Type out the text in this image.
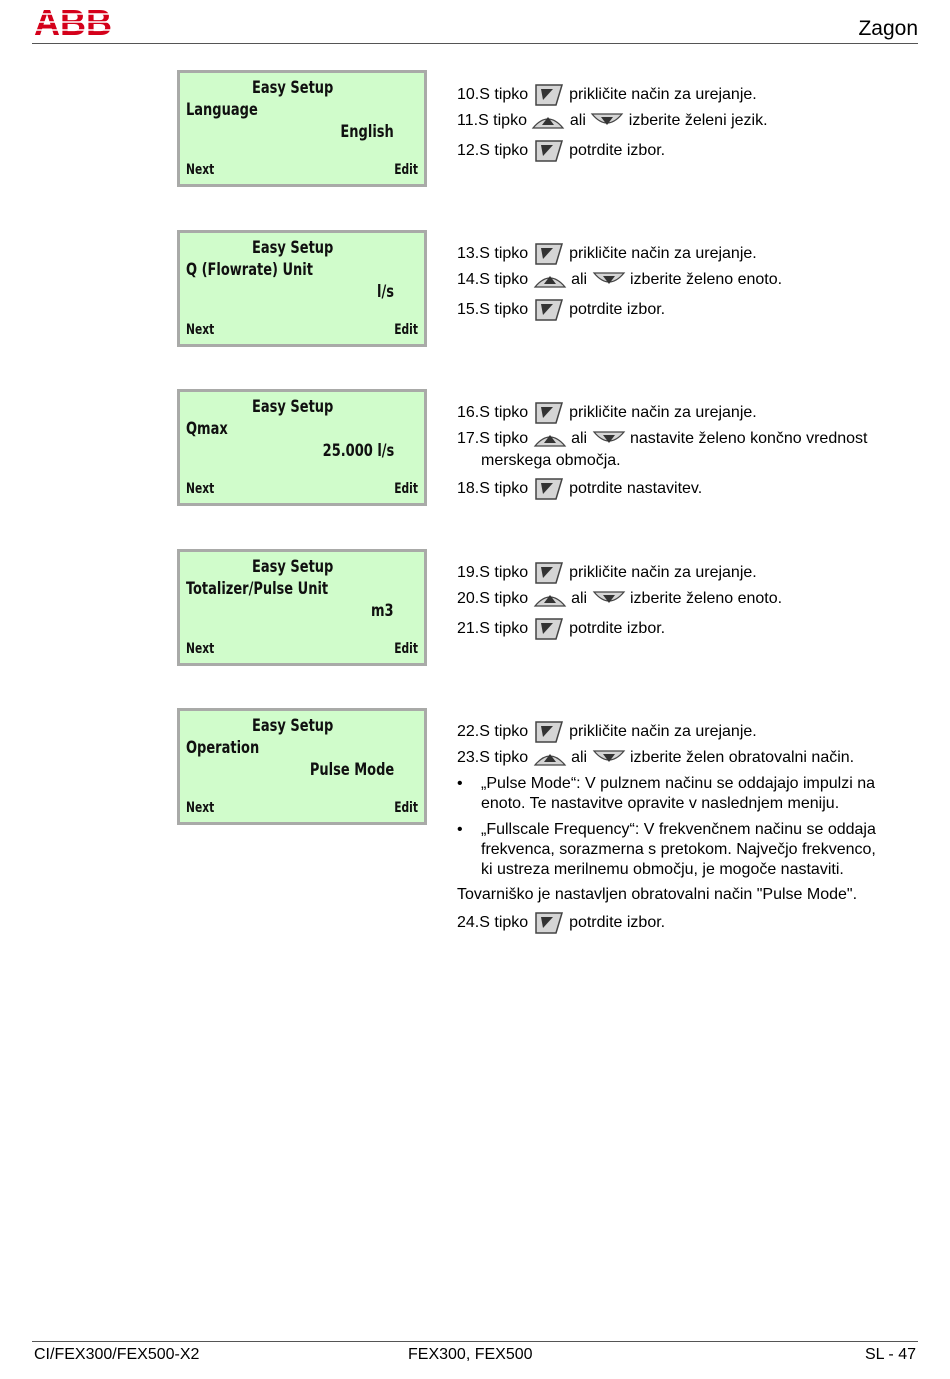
ABB	Zagon
Easy Setup
Language
English
Next	Edit
Easy Setup
Q (Flowrate) Unit
l/s
Next	Edit
Easy Setup
Qmax
25.000 l/s
Next	Edit
Easy Setup
Totalizer/Pulse Unit
m3
Next	Edit
Easy Setup
Operation
Pulse Mode
Next	Edit
10.S tipko  prikličite način za urejanje.
11.S tipko  ali	izberite želeni jezik.
12.S tipko  potrdite izbor.
13.S tipko  prikličite način za urejanje.
14.S tipko  ali	izberite želeno enoto.
15.S tipko  potrdite izbor.
16.S tipko  prikličite način za urejanje.
17.S tipko  ali	nastavite želeno končno vrednost
merskega območja.
18.S tipko  potrdite nastavitev.
19.S tipko  prikličite način za urejanje.
20.S tipko  ali	izberite želeno enoto.
21.S tipko  potrdite izbor.
22.S tipko  prikličite način za urejanje.
23.S tipko  ali	izberite želen obratovalni način.
• „Pulse Mode“: V pulznem načinu se oddajajo impulzi na
enoto. Te nastavitve opravite v naslednjem meniju.
• „Fullscale Frequency“: V frekvenčnem načinu se oddaja
frekvenca, sorazmerna s pretokom. Največjo frekvenco,
ki ustreza merilnemu območju, je mogoče nastaviti.
Tovarniško je nastavljen obratovalni način "Pulse Mode".
24.S tipko  potrdite izbor.
CI/FEX300/FEX500-X2	FEX300, FEX500	SL - 47
